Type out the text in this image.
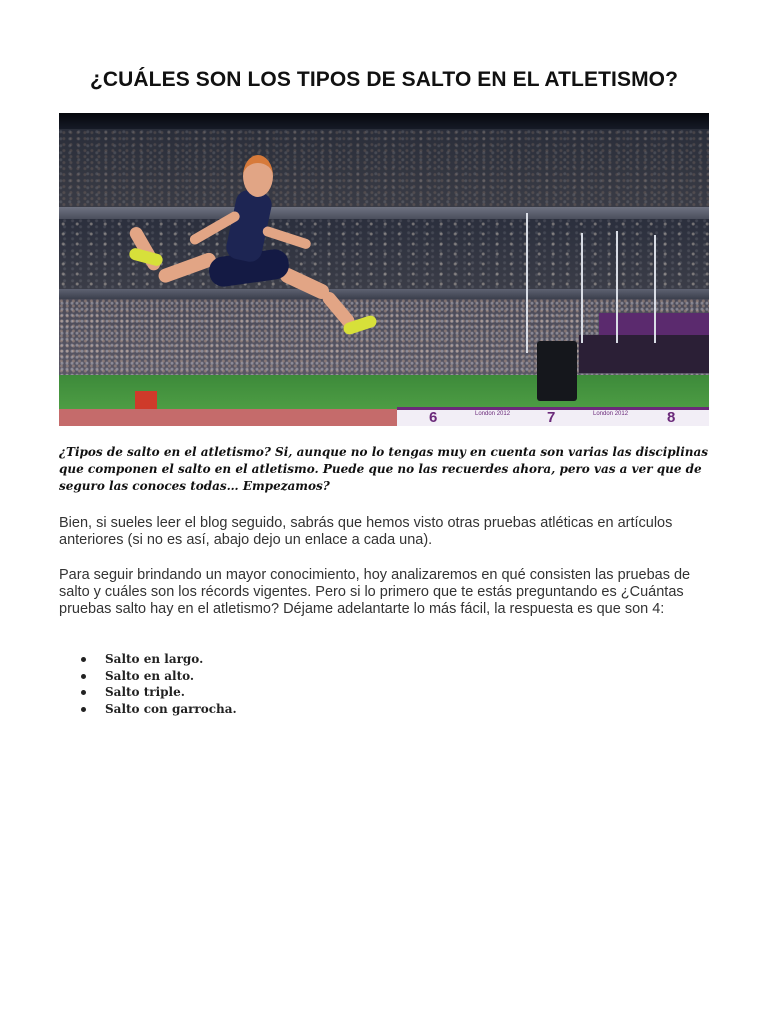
¿CUÁLES SON LOS TIPOS DE SALTO EN EL ATLETISMO?
6	London 2012 7	London 2012	8

¿Tipos de salto en el atletismo? Si, aunque no lo tengas muy en cuenta son varias las disciplinas que componen el salto en el atletismo. Puede que no las recuerdes ahora, pero vas a ver que de seguro las conoces todas… Empezamos?

Bien, si sueles leer el blog seguido, sabrás que hemos visto otras pruebas atléticas en artículos anteriores (si no es así, abajo dejo un enlace a cada una).

Para seguir brindando un mayor conocimiento, hoy analizaremos en qué consisten las pruebas de salto y cuáles son los récords vigentes. Pero si lo primero que te estás preguntando es ¿Cuántas pruebas salto hay en el atletismo? Déjame adelantarte lo más fácil, la respuesta es que son 4:

Salto en largo.
Salto en alto.
Salto triple.
Salto con garrocha.
